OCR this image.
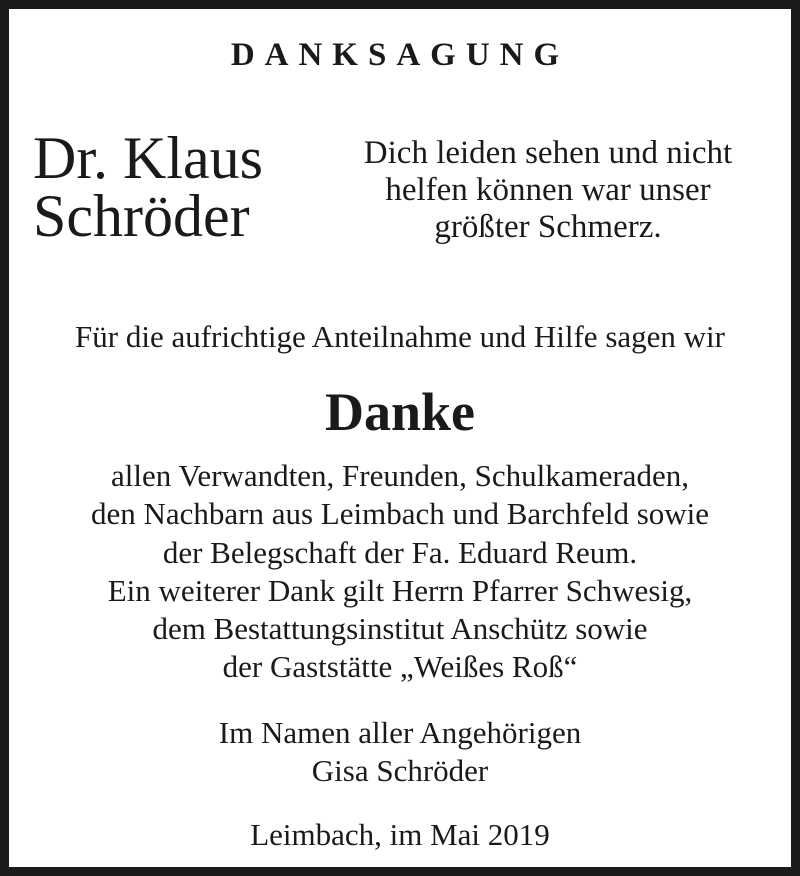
DANKSAGUNG
Dr. Klaus
Schröder
Dich leiden sehen und nicht
helfen können war unser
größter Schmerz.
Für die aufrichtige Anteilnahme und Hilfe sagen wir
Danke
allen Verwandten, Freunden, Schulkameraden,
den Nachbarn aus Leimbach und Barchfeld sowie
der Belegschaft der Fa. Eduard Reum.
Ein weiterer Dank gilt Herrn Pfarrer Schwesig,
dem Bestattungsinstitut Anschütz sowie
der Gaststätte „Weißes Roß“
Im Namen aller Angehörigen
Gisa Schröder
Leimbach, im Mai 2019
